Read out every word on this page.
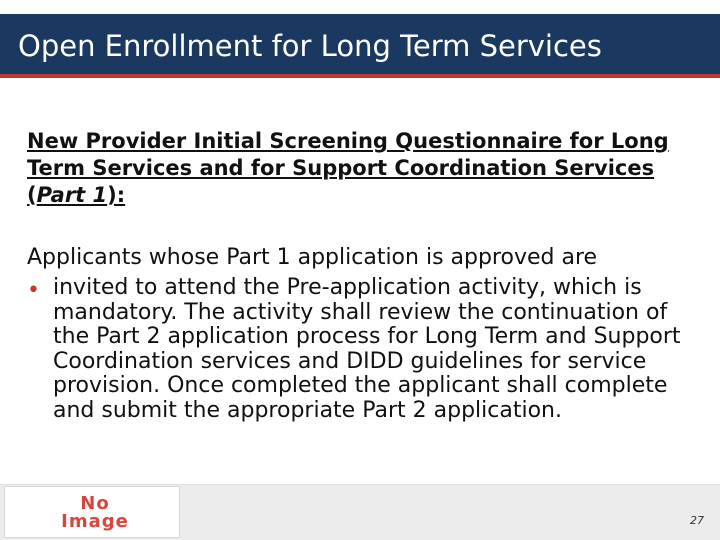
Open Enrollment for Long Term Services
New Provider Initial Screening Questionnaire for Long Term Services and for Support Coordination Services (Part 1):
Applicants whose Part 1 application is approved are
• invited to attend the Pre-application activity, which is mandatory. The activity shall review the continuation of the Part 2 application process for Long Term and Support Coordination services and DIDD guidelines for service provision. Once completed the applicant shall complete and submit the appropriate Part 2 application.
No Image	27
